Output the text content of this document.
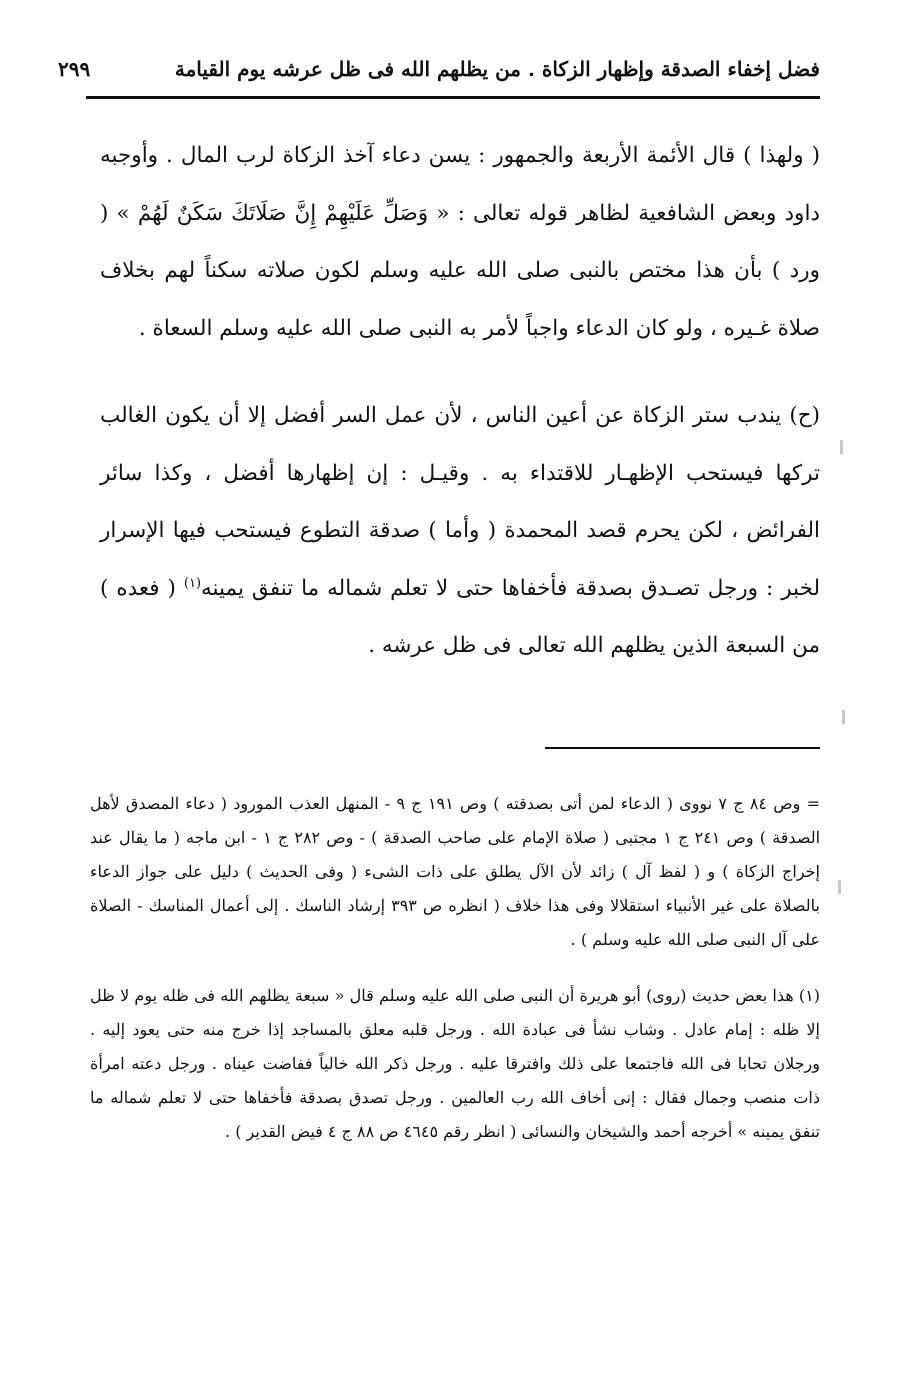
فضل إخفاء الصدقة وإظهار الزكاة . من يظلهم الله فى ظل عرشه يوم القيامة
٢٩٩

( ولهذا ) قال الأئمة الأربعة والجمهور : يسن دعاء آخذ الزكاة لرب المال . وأوجبه داود وبعض الشافعية لظاهر قوله تعالى : « وَصَلِّ عَلَيْهِمْ إِنَّ صَلَاتَكَ سَكَنٌ لَهُمْ » ( ورد ) بأن هذا مختص بالنبى صلى الله عليه وسلم لكون صلاته سكناً لهم بخلاف صلاة غـيره ، ولو كان الدعاء واجباً لأمر به النبى صلى الله عليه وسلم السعاة .

(ح) يندب ستر الزكاة عن أعين الناس ، لأن عمل السر أفضل إلا أن يكون الغالب تركها فيستحب الإظهـار للاقتداء به . وقيـل : إن إظهارها أفضل ، وكذا سائر الفرائض ، لكن يحرم قصد المحمدة ( وأما ) صدقة التطوع فيستحب فيها الإسرار لخبر : ورجل تصـدق بصدقة فأخفاها حتى لا تعلم شماله ما تنفق يمينه$^{(١)}$ ( فعده ) من السبعة الذين يظلهم الله تعالى فى ظل عرشه .

= وص ٨٤ ج ٧ نووى ( الدعاء لمن أتى بصدقته ) وص ١٩١ ج ٩ - المنهل العذب المورود ( دعاء المصدق لأهل الصدقة ) وص ٢٤١ ج ١ مجتبى ( صلاة الإمام على صاحب الصدقة ) - وص ٢٨٢ ج ١ - ابن ماجه ( ما يقال عند إخراج الزكاة ) و ( لفظ آل ) زائد لأن الآل يطلق على ذات الشىء ( وفى الحديث ) دليل على جواز الدعاء بالصلاة على غير الأنبياء استقلالا وفى هذا خلاف ( انظره ص ٣٩٣ إرشاد الناسك . إلى أعمال المناسك - الصلاة على آل النبى صلى الله عليه وسلم ) .

(١) هذا بعض حديث (روى) أبو هريرة أن النبى صلى الله عليه وسلم قال « سبعة يظلهم الله فى ظله يوم لا ظل إلا ظله : إمام عادل . وشاب نشأ فى عبادة الله . ورجل قلبه معلق بالمساجد إذا خرج منه حتى يعود إليه . ورجلان تحابا فى الله فاجتمعا على ذلك وافترقا عليه . ورجل ذكر الله خالياً ففاضت عيناه . ورجل دعته امرأة ذات منصب وجمال فقال : إنى أخاف الله رب العالمين . ورجل تصدق بصدقة فأخفاها حتى لا تعلم شماله ما تنفق يمينه » أخرجه أحمد والشيخان والنسائى ( انظر رقم ٤٦٤٥ ص ٨٨ ج ٤ فيض القدير ) .
